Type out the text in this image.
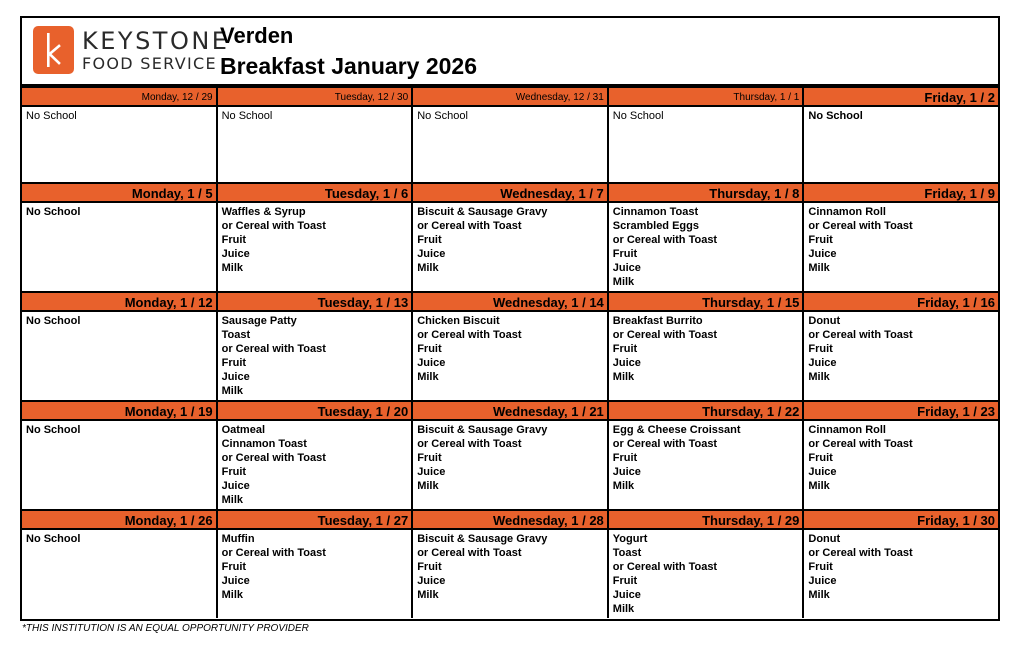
KEYSTONE
FOOD SERVICE
Verden
Breakfast January 2026
Monday, 12 / 29
No School
Tuesday, 12 / 30
No School
Wednesday, 12 / 31
No School
Thursday, 1 / 1
No School
Friday, 1 / 2
No School
Monday, 1 / 5
No School
Tuesday, 1 / 6
Waffles & Syrup
or Cereal with Toast
Fruit
Juice
Milk
Wednesday, 1 / 7
Biscuit & Sausage Gravy
or Cereal with Toast
Fruit
Juice
Milk
Thursday, 1 / 8
Cinnamon Toast
Scrambled Eggs
or Cereal with Toast
Fruit
Juice
Milk
Friday, 1 / 9
Cinnamon Roll
or Cereal with Toast
Fruit
Juice
Milk
Monday, 1 / 12
No School
Tuesday, 1 / 13
Sausage Patty
Toast
or Cereal with Toast
Fruit
Juice
Milk
Wednesday, 1 / 14
Chicken Biscuit
or Cereal with Toast
Fruit
Juice
Milk
Thursday, 1 / 15
Breakfast Burrito
or Cereal with Toast
Fruit
Juice
Milk
Friday, 1 / 16
Donut
or Cereal with Toast
Fruit
Juice
Milk
Monday, 1 / 19
No School
Tuesday, 1 / 20
Oatmeal
Cinnamon Toast
or Cereal with Toast
Fruit
Juice
Milk
Wednesday, 1 / 21
Biscuit & Sausage Gravy
or Cereal with Toast
Fruit
Juice
Milk
Thursday, 1 / 22
Egg & Cheese Croissant
or Cereal with Toast
Fruit
Juice
Milk
Friday, 1 / 23
Cinnamon Roll
or Cereal with Toast
Fruit
Juice
Milk
Monday, 1 / 26
No School
Tuesday, 1 / 27
Muffin
or Cereal with Toast
Fruit
Juice
Milk
Wednesday, 1 / 28
Biscuit & Sausage Gravy
or Cereal with Toast
Fruit
Juice
Milk
Thursday, 1 / 29
Yogurt
Toast
or Cereal with Toast
Fruit
Juice
Milk
Friday, 1 / 30
Donut
or Cereal with Toast
Fruit
Juice
Milk
*THIS INSTITUTION IS AN EQUAL OPPORTUNITY PROVIDER
